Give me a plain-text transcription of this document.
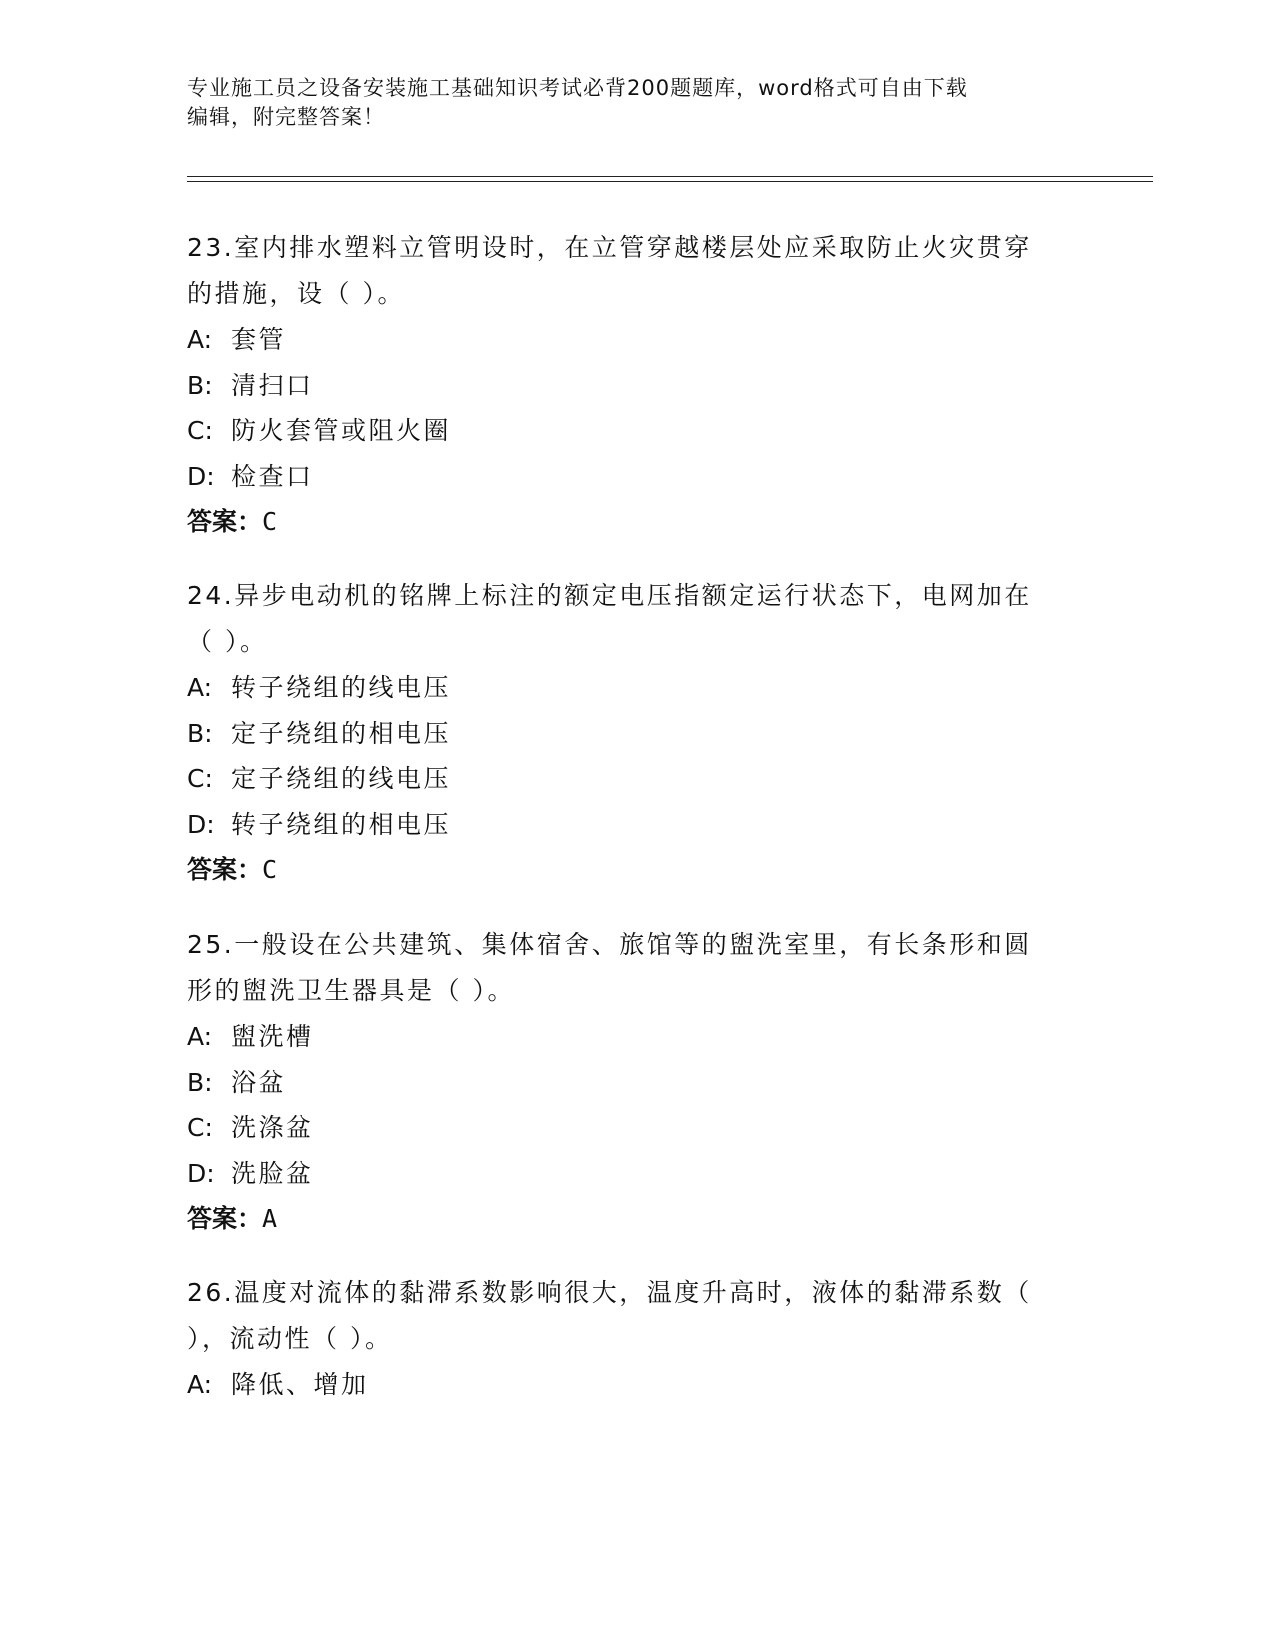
专业施工员之设备安装施工基础知识考试必背200题题库，word格式可自由下载
编辑，附完整答案！
23.室内排水塑料立管明设时，在立管穿越楼层处应采取防止火灾贯穿
的措施，设（ ）。
A: 套管
B: 清扫口
C: 防火套管或阻火圈
D: 检查口
答案：C
24.异步电动机的铭牌上标注的额定电压指额定运行状态下，电网加在
（ ）。
A: 转子绕组的线电压
B: 定子绕组的相电压
C: 定子绕组的线电压
D: 转子绕组的相电压
答案：C
25.一般设在公共建筑、集体宿舍、旅馆等的盥洗室里，有长条形和圆
形的盥洗卫生器具是（ ）。
A: 盥洗槽
B: 浴盆
C: 洗涤盆
D: 洗脸盆
答案：A
26.温度对流体的黏滞系数影响很大，温度升高时，液体的黏滞系数（
），流动性（ ）。
A: 降低、增加
